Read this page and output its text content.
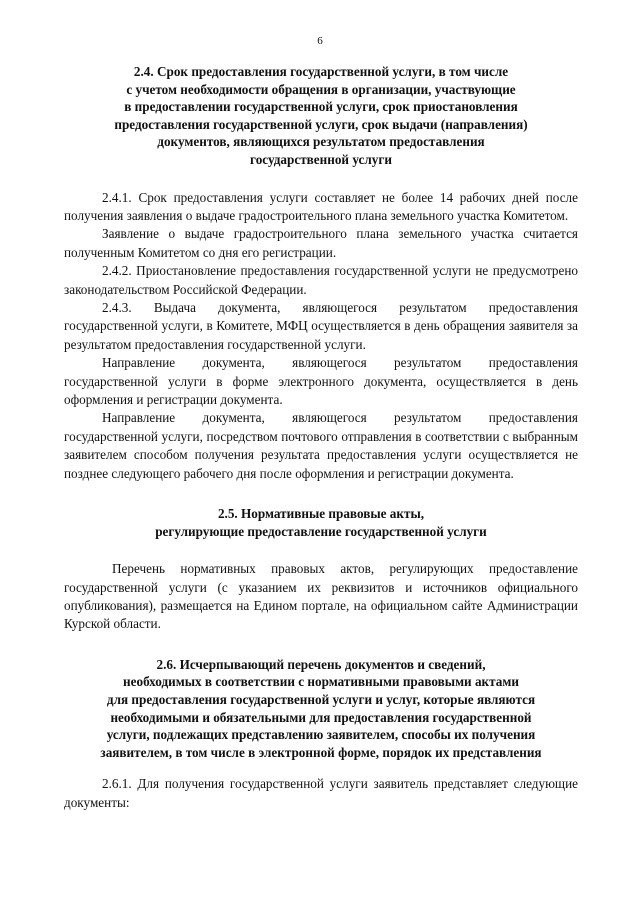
6
2.4. Срок предоставления государственной услуги, в том числе
с учетом необходимости обращения в организации, участвующие
в предоставлении государственной услуги, срок приостановления
предоставления государственной услуги, срок выдачи (направления)
документов, являющихся результатом предоставления
государственной услуги

2.4.1. Срок предоставления услуги составляет не более 14 рабочих дней после получения заявления о выдаче градостроительного плана земельного участка Комитетом.

Заявление о выдаче градостроительного плана земельного участка считается полученным Комитетом со дня его регистрации.

2.4.2. Приостановление предоставления государственной услуги не предусмотрено законодательством Российской Федерации.

2.4.3. Выдача документа, являющегося результатом предоставления государственной услуги, в Комитете, МФЦ осуществляется в день обращения заявителя за результатом предоставления государственной услуги.

Направление документа, являющегося результатом предоставления государственной услуги в форме электронного документа, осуществляется в день оформления и регистрации документа.

Направление документа, являющегося результатом предоставления государственной услуги, посредством почтового отправления в соответствии с выбранным заявителем способом получения результата предоставления услуги осуществляется не позднее следующего рабочего дня после оформления и регистрации документа.

2.5. Нормативные правовые акты,
регулирующие предоставление государственной услуги

Перечень нормативных правовых актов, регулирующих предоставление государственной услуги (с указанием их реквизитов и источников официального опубликования), размещается на Едином портале, на официальном сайте Администрации Курской области.

2.6. Исчерпывающий перечень документов и сведений,
необходимых в соответствии с нормативными правовыми актами
для предоставления государственной услуги и услуг, которые являются
необходимыми и обязательными для предоставления государственной
услуги, подлежащих представлению заявителем, способы их получения
заявителем, в том числе в электронной форме, порядок их представления

2.6.1. Для получения государственной услуги заявитель представляет следующие документы:
